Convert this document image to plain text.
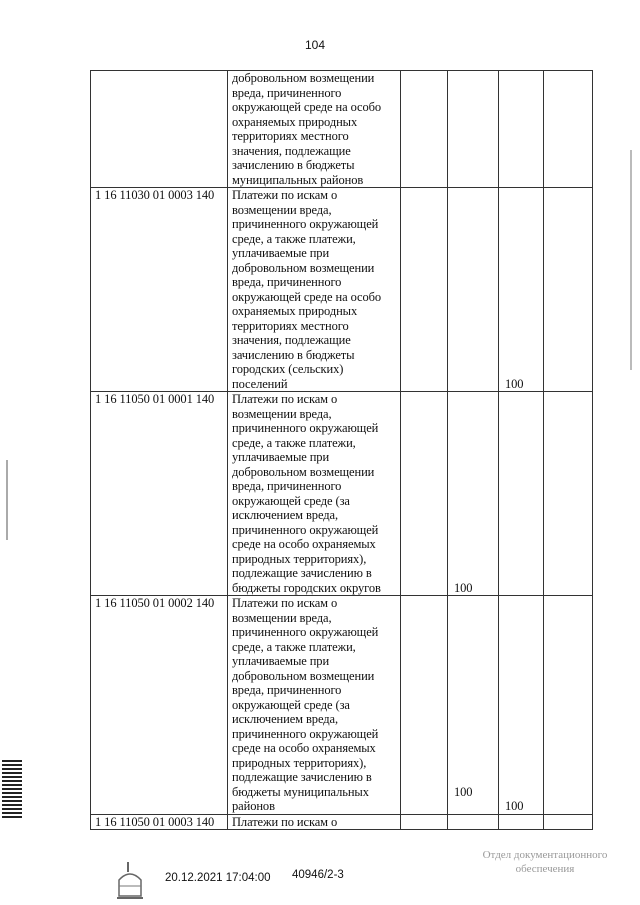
104
	добровольном возмещении вреда, причиненного окружающей среде на особо охраняемых природных территориях местного значения, подлежащие зачислению в бюджеты муниципальных районов	

1 16 11030 01 0003 140	Платежи по искам о возмещении вреда, причиненного окружающей среде, а также платежи, уплачиваемые при добровольном возмещении вреда, причиненного окружающей среде на особо охраняемых природных территориях местного значения, подлежащие зачислению в бюджеты городских (сельских) поселений			100	

1 16 11050 01 0001 140	Платежи по искам о возмещении вреда, причиненного окружающей среде, а также платежи, уплачиваемые при добровольном возмещении вреда, причиненного окружающей среде (за исключением вреда, причиненного окружающей среде на особо охраняемых природных территориях), подлежащие зачислению в бюджеты городских округов		100		

1 16 11050 01 0002 140	Платежи по искам о возмещении вреда, причиненного окружающей среде, а также платежи, уплачиваемые при добровольном возмещении вреда, причиненного окружающей среде (за исключением вреда, причиненного окружающей среде на особо охраняемых природных территориях), подлежащие зачислению в бюджеты муниципальных районов		100	100	

1 16 11050 01 0003 140	Платежи по искам о	

20.12.2021 17:04:00 40946/2-3
Отдел документационного
обеспечения
